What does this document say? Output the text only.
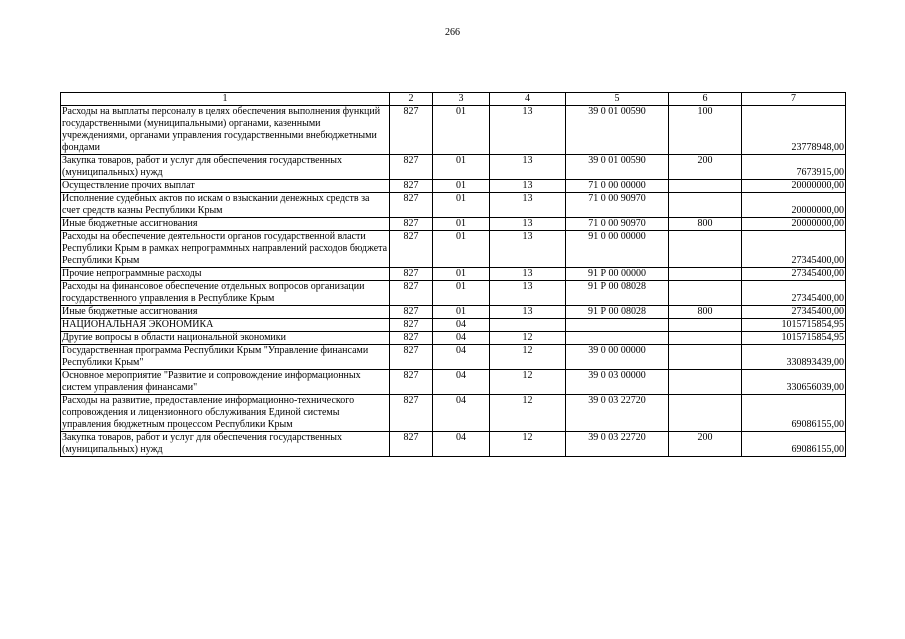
266
1	2	3	4	5	6	7
Расходы на выплаты персоналу в целях обеспечения выполнения функций государственными (муниципальными) органами, казенными учреждениями, органами управления государственными внебюджетными фондами	827	01	13	39 0 01 00590	100	23778948,00
Закупка товаров, работ и услуг для обеспечения государственных (муниципальных) нужд	827	01	13	39 0 01 00590	200	7673915,00
Осуществление прочих выплат	827	01	13	71 0 00 00000		20000000,00
Исполнение судебных актов по искам о взыскании денежных средств за счет средств казны Республики Крым	827	01	13	71 0 00 90970		20000000,00
Иные бюджетные ассигнования	827	01	13	71 0 00 90970	800	20000000,00
Расходы на обеспечение деятельности органов государственной власти Республики Крым в рамках непрограммных направлений расходов бюджета Республики Крым	827	01	13	91 0 00 00000		27345400,00
Прочие непрограммные расходы	827	01	13	91 Р 00 00000		27345400,00
Расходы на финансовое обеспечение отдельных вопросов организации государственного управления в Республике Крым	827	01	13	91 Р 00 08028		27345400,00
Иные бюджетные ассигнования	827	01	13	91 Р 00 08028	800	27345400,00
НАЦИОНАЛЬНАЯ ЭКОНОМИКА	827	04				1015715854,95
Другие вопросы в области национальной экономики	827	04	12			1015715854,95
Государственная программа Республики Крым "Управление финансами Республики Крым"	827	04	12	39 0 00 00000		330893439,00
Основное мероприятие "Развитие и сопровождение информационных систем управления финансами"	827	04	12	39 0 03 00000		330656039,00
Расходы на развитие, предоставление информационно-технического сопровождения и лицензионного обслуживания Единой системы управления бюджетным процессом Республики Крым	827	04	12	39 0 03 22720		69086155,00
Закупка товаров, работ и услуг для обеспечения государственных (муниципальных) нужд	827	04	12	39 0 03 22720	200	69086155,00
